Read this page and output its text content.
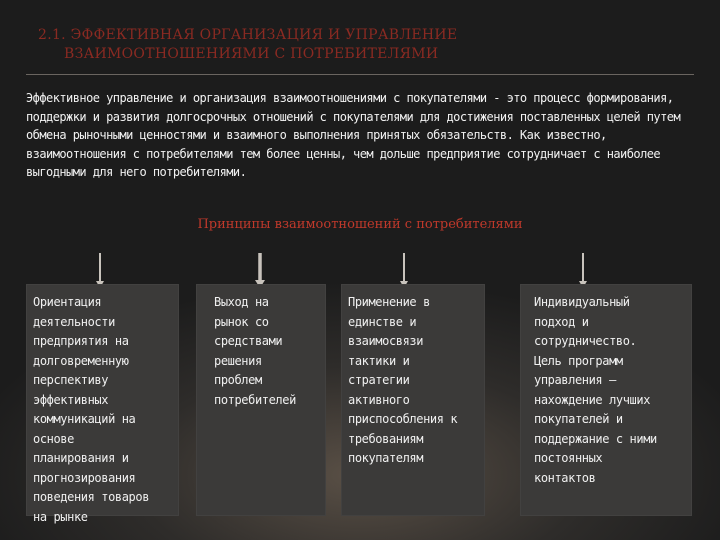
2.1. ЭФФЕКТИВНАЯ ОРГАНИЗАЦИЯ И УПРАВЛЕНИЕ
ВЗАИМООТНОШЕНИЯМИ С ПОТРЕБИТЕЛЯМИ
Эффективное управление и организация взаимоотношениями с покупателями - это процесс формирования, поддержки и развития долгосрочных отношений с покупателями для достижения поставленных целей путем обмена рыночными ценностями и взаимного выполнения принятых обязательств. Как известно, взаимоотношения с потребителями тем более ценны, чем дольше предприятие сотрудничает с наиболее выгодными для него потребителями.
Принципы взаимоотношений с потребителями
Ориентация
деятельности
предприятия на
долговременную
перспективу
эффективных
коммуникаций на
основе
планирования и
прогнозирования
поведения товаров
на рынке
Выход на
рынок со
средствами
решения
проблем
потребителей
Применение в
единстве и
взаимосвязи
тактики и
стратегии
активного
приспособления к
требованиям
покупателям
Индивидуальный
подход и
сотрудничество.
Цель программ
управления –
нахождение лучших
покупателей и
поддержание с ними
постоянных
контактов
